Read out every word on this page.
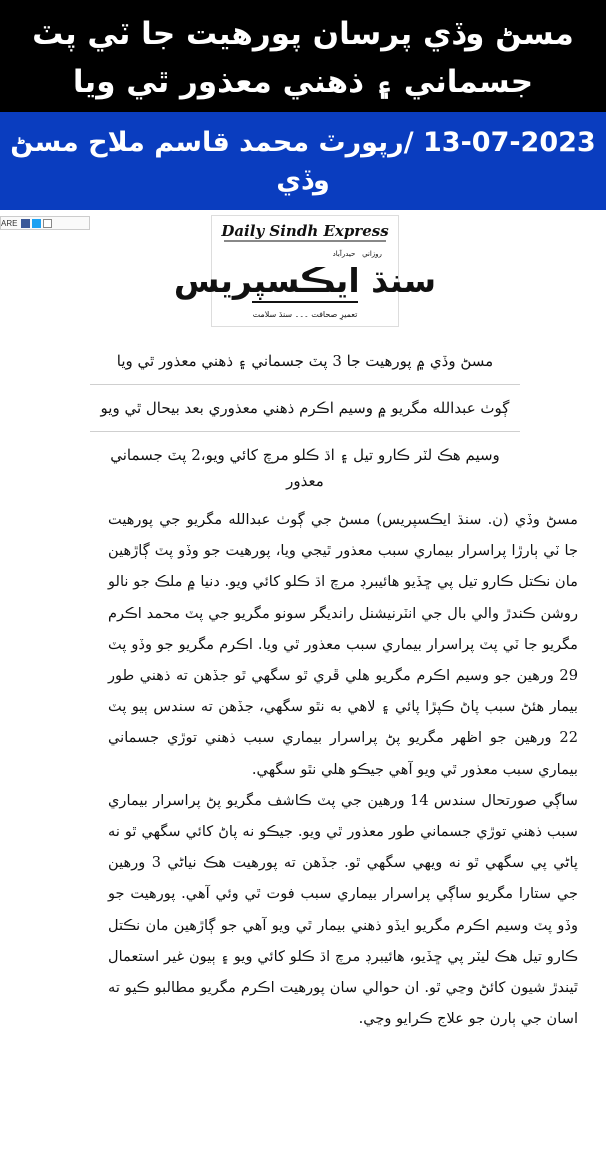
مسڻ وڏي پرسان پورهيت جا ٽي پٽ
جسماني ۽ ذهني معذور ٿي ويا
13-07-2023 /رپورٽ محمد قاسم ملاح مسڻ
وڏي
ARE	Daily Sindh Express
روزاني
حیدرآباد
سنڌ ايڪسپريس
تعمیرِ صحافت ۔۔۔ سنڌ سلامت
مسڻ وڏي ۾ پورهيت جا 3 پٽ جسماني ۽ ذهني معذور ٿي ويا
ڳوٺ عبدالله مگريو ۾ وسيم اڪرم ذهني معذوري بعد بيحال ٿي ويو
وسيم هڪ لٽر ڪارو تيل ۽ اڌ ڪلو مرچ کائي ويو،2 پٽ جسماني معذور

مسڻ وڏي (ن. سنڌ ايڪسپريس) مسڻ جي ڳوٺ عبدالله مگريو جي پورهيت جا ٽي ٻارڙا پراسرار بيماري سبب معذور ٿيجي ويا، پورهيت جو وڏو پٽ ڳاڙهين مان نڪتل ڪارو تيل پي ڇڏيو هائيبرڊ مرچ اڌ ڪلو کائي ويو. دنيا ۾ ملڪ جو نالو روشن ڪندڙ والي بال جي انٽرنيشنل رانديگر سونو مگريو جي پٽ محمد اڪرم مگريو جا ٽي پٽ پراسرار بيماري سبب معذور ٿي ويا. اڪرم مگريو جو وڏو پٽ 29 ورهين جو وسيم اڪرم مگريو هلي ڦري ٿو سگهي ٿو جڏهن ته ذهني طور بيمار هئڻ سبب پاڻ ڪپڙا پائي ۽ لاهي به نٿو سگهي، جڏهن ته سندس ٻيو پٽ 22 ورهين جو اظهر مگريو پڻ پراسرار بيماري سبب ذهني توڙي جسماني بيماري سبب معذور ٿي ويو آهي جيڪو هلي نٿو سگهي.

ساڳي صورتحال سندس 14 ورهين جي پٽ ڪاشف مگريو پڻ پراسرار بيماري سبب ذهني توڙي جسماني طور معذور ٿي ويو. جيڪو نه پاڻ کائي سگهي ٿو نه پاڻي پي سگهي ٿو نه ويهي سگهي ٿو. جڏهن ته پورهيت هڪ نياڻي 3 ورهين جي ستارا مگريو ساڳي پراسرار بيماري سبب فوت ٿي وئي آهي. پورهيت جو وڏو پٽ وسيم اڪرم مگريو ايڏو ذهني بيمار ٿي ويو آهي جو ڳاڙهين مان نڪتل ڪارو تيل هڪ ليٽر پي ڇڏيو، هائيبرڊ مرچ اڌ ڪلو کائي ويو ۽ ٻيون غير استعمال ٿيندڙ شيون کائڻ وڃي ٿو. ان حوالي سان پورهيت اڪرم مگريو مطالبو ڪيو ته اسان جي ٻارن جو علاج ڪرايو وڃي.
